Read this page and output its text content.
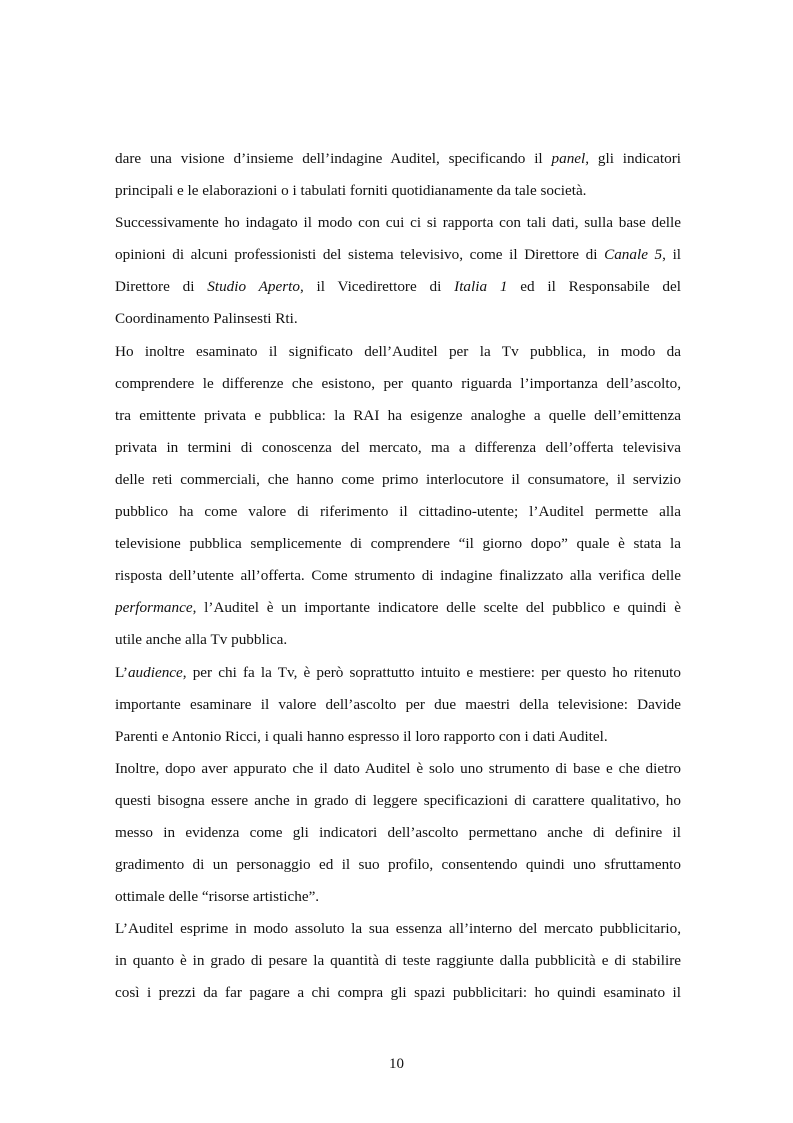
dare una visione d’insieme dell’indagine Auditel, specificando il panel, gli indicatori
principali e le elaborazioni o i tabulati forniti quotidianamente da tale società.
Successivamente ho indagato il modo con cui ci si rapporta con tali dati, sulla base delle
opinioni di alcuni professionisti del sistema televisivo, come il Direttore di Canale 5, il
Direttore di Studio Aperto, il Vicedirettore di Italia 1 ed il Responsabile del
Coordinamento Palinsesti Rti.
Ho inoltre esaminato il significato dell’Auditel per la Tv pubblica, in modo da
comprendere le differenze che esistono, per quanto riguarda l’importanza dell’ascolto,
tra emittente privata e pubblica: la RAI ha esigenze analoghe a quelle dell’emittenza
privata in termini di conoscenza del mercato, ma a differenza dell’offerta televisiva
delle reti commerciali, che hanno come primo interlocutore il consumatore, il servizio
pubblico ha come valore di riferimento il cittadino-utente; l’Auditel permette alla
televisione pubblica semplicemente di comprendere “il giorno dopo” quale è stata la
risposta dell’utente all’offerta. Come strumento di indagine finalizzato alla verifica delle
performance, l’Auditel è un importante indicatore delle scelte del pubblico e quindi è
utile anche alla Tv pubblica.
L’audience, per chi fa la Tv, è però soprattutto intuito e mestiere: per questo ho ritenuto
importante esaminare il valore dell’ascolto per due maestri della televisione: Davide
Parenti e Antonio Ricci, i quali hanno espresso il loro rapporto con i dati Auditel.
Inoltre, dopo aver appurato che il dato Auditel è solo uno strumento di base e che dietro
questi bisogna essere anche in grado di leggere specificazioni di carattere qualitativo, ho
messo in evidenza come gli indicatori dell’ascolto permettano anche di definire il
gradimento di un personaggio ed il suo profilo, consentendo quindi uno sfruttamento
ottimale delle “risorse artistiche”.
L’Auditel esprime in modo assoluto la sua essenza all’interno del mercato pubblicitario,
in quanto è in grado di pesare la quantità di teste raggiunte dalla pubblicità e di stabilire
così i prezzi da far pagare a chi compra gli spazi pubblicitari: ho quindi esaminato il
10
